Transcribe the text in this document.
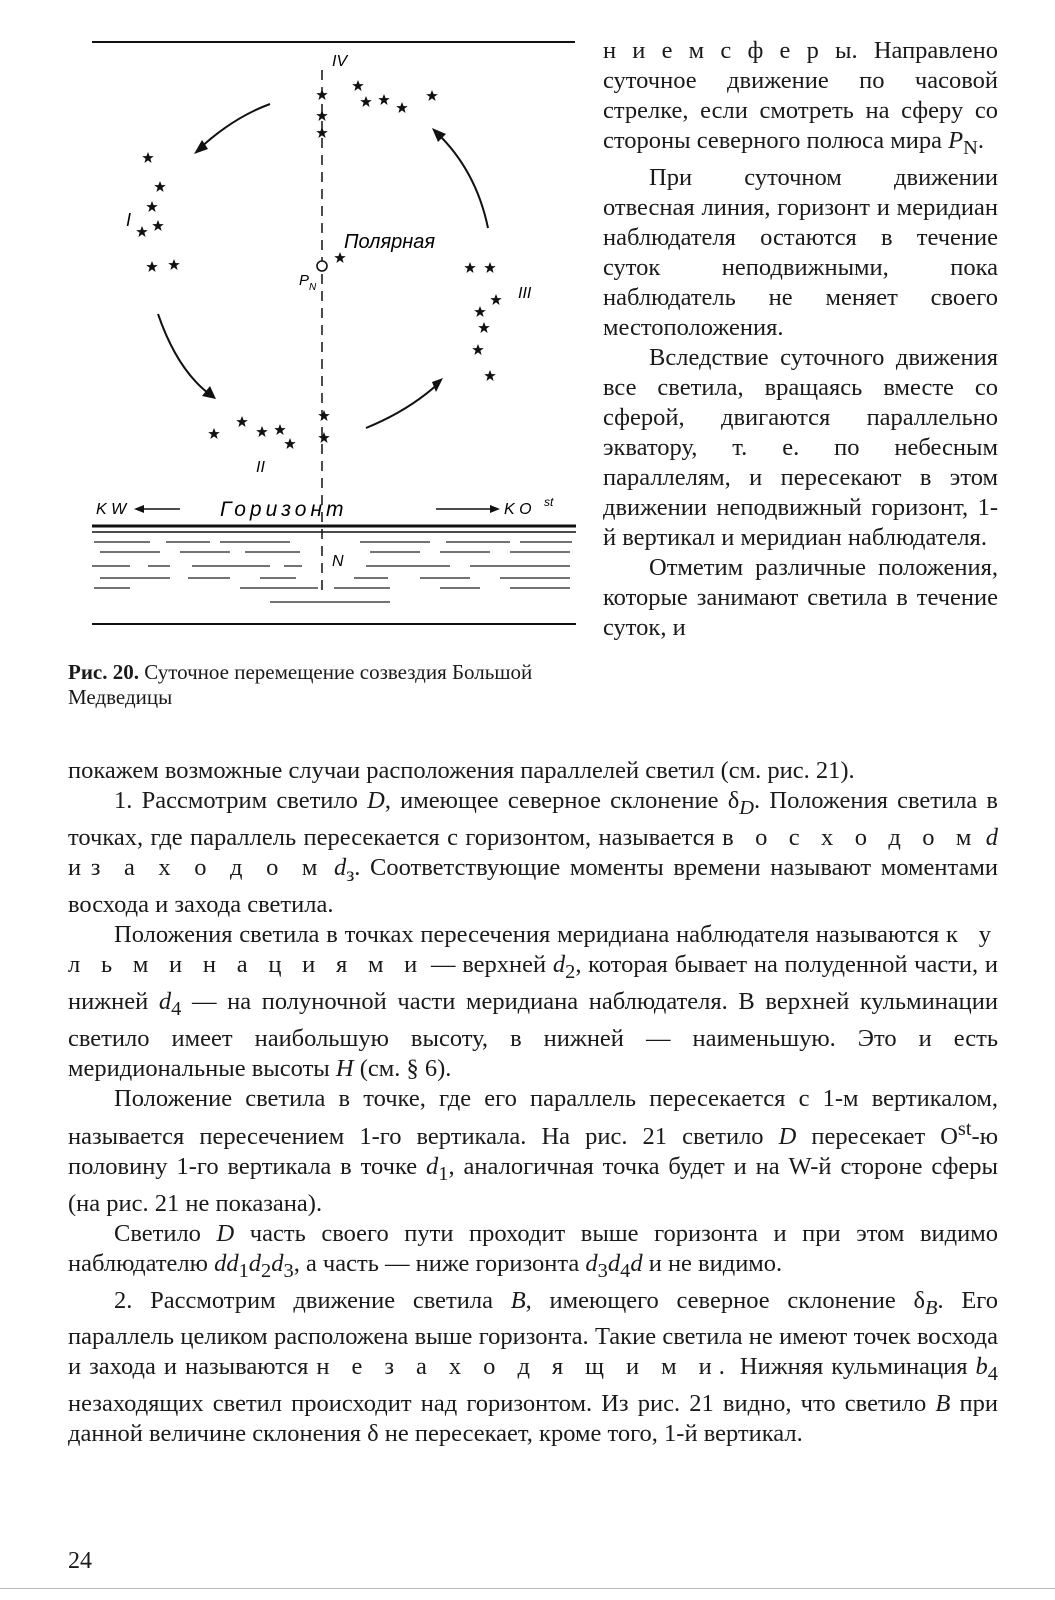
IV
I
II
III
Полярная
P N
K W	Горизонт	K O st
N
Рис. 20. Суточное перемещение созвездия Большой Медведицы

н и е м с ф е р ы. Направлено суточное движение по часовой стрелке, если смотреть на сферу со стороны северного полюса мира $P_N$.

При суточном движении отвесная линия, горизонт и меридиан наблюдателя остаются в течение суток неподвижными, пока наблюдатель не меняет своего местоположения.

Вследствие суточного движения все светила, вращаясь вместе со сферой, двигаются параллельно экватору, т. е. по небесным параллелям, и пересекают в этом движении неподвижный горизонт, 1-й вертикал и меридиан наблюдателя.

Отметим различные положения, которые занимают светила в течение суток, и

покажем возможные случаи расположения параллелей светил (см. рис. 21).

1. Рассмотрим светило D, имеющее северное склонение $\delta_D$. Положения светила в точках, где параллель пересекается с горизонтом, называется в о с х о д о м d и з а х о д о м $d_з$. Соответствующие моменты времени называют моментами восхода и захода светила.

Положения светила в точках пересечения меридиана наблюдателя называются к у л ь м и н а ц и я м и — верхней $d_2$, которая бывает на полуденной части, и нижней $d_4$ — на полуночной части меридиана наблюдателя. В верхней кульминации светило имеет наибольшую высоту, в нижней — наименьшую. Это и есть меридиональные высоты H (см. § 6).

Положение светила в точке, где его параллель пересекается с 1-м вертикалом, называется пересечением 1-го вертикала. На рис. 21 светило D пересекает $O^{st}-ю$ половину 1-го вертикала в точке $d_1$, аналогичная точка будет и на W-й стороне сферы (на рис. 21 не показана).

Светило D часть своего пути проходит выше горизонта и при этом видимо наблюдателю $dd_1d_2d_3$, а часть — ниже горизонта $d_3d_4d$ и не видимо.

2. Рассмотрим движение светила B, имеющего северное склонение $\delta_B$. Его параллель целиком расположена выше горизонта. Такие светила не имеют точек восхода и захода и называются н е з а х о д я щ и м и. Нижняя кульминация $b_4$ незаходящих светил происходит над горизонтом. Из рис. 21 видно, что светило B при данной величине склонения δ не пересекает, кроме того, 1-й вертикал.

24
